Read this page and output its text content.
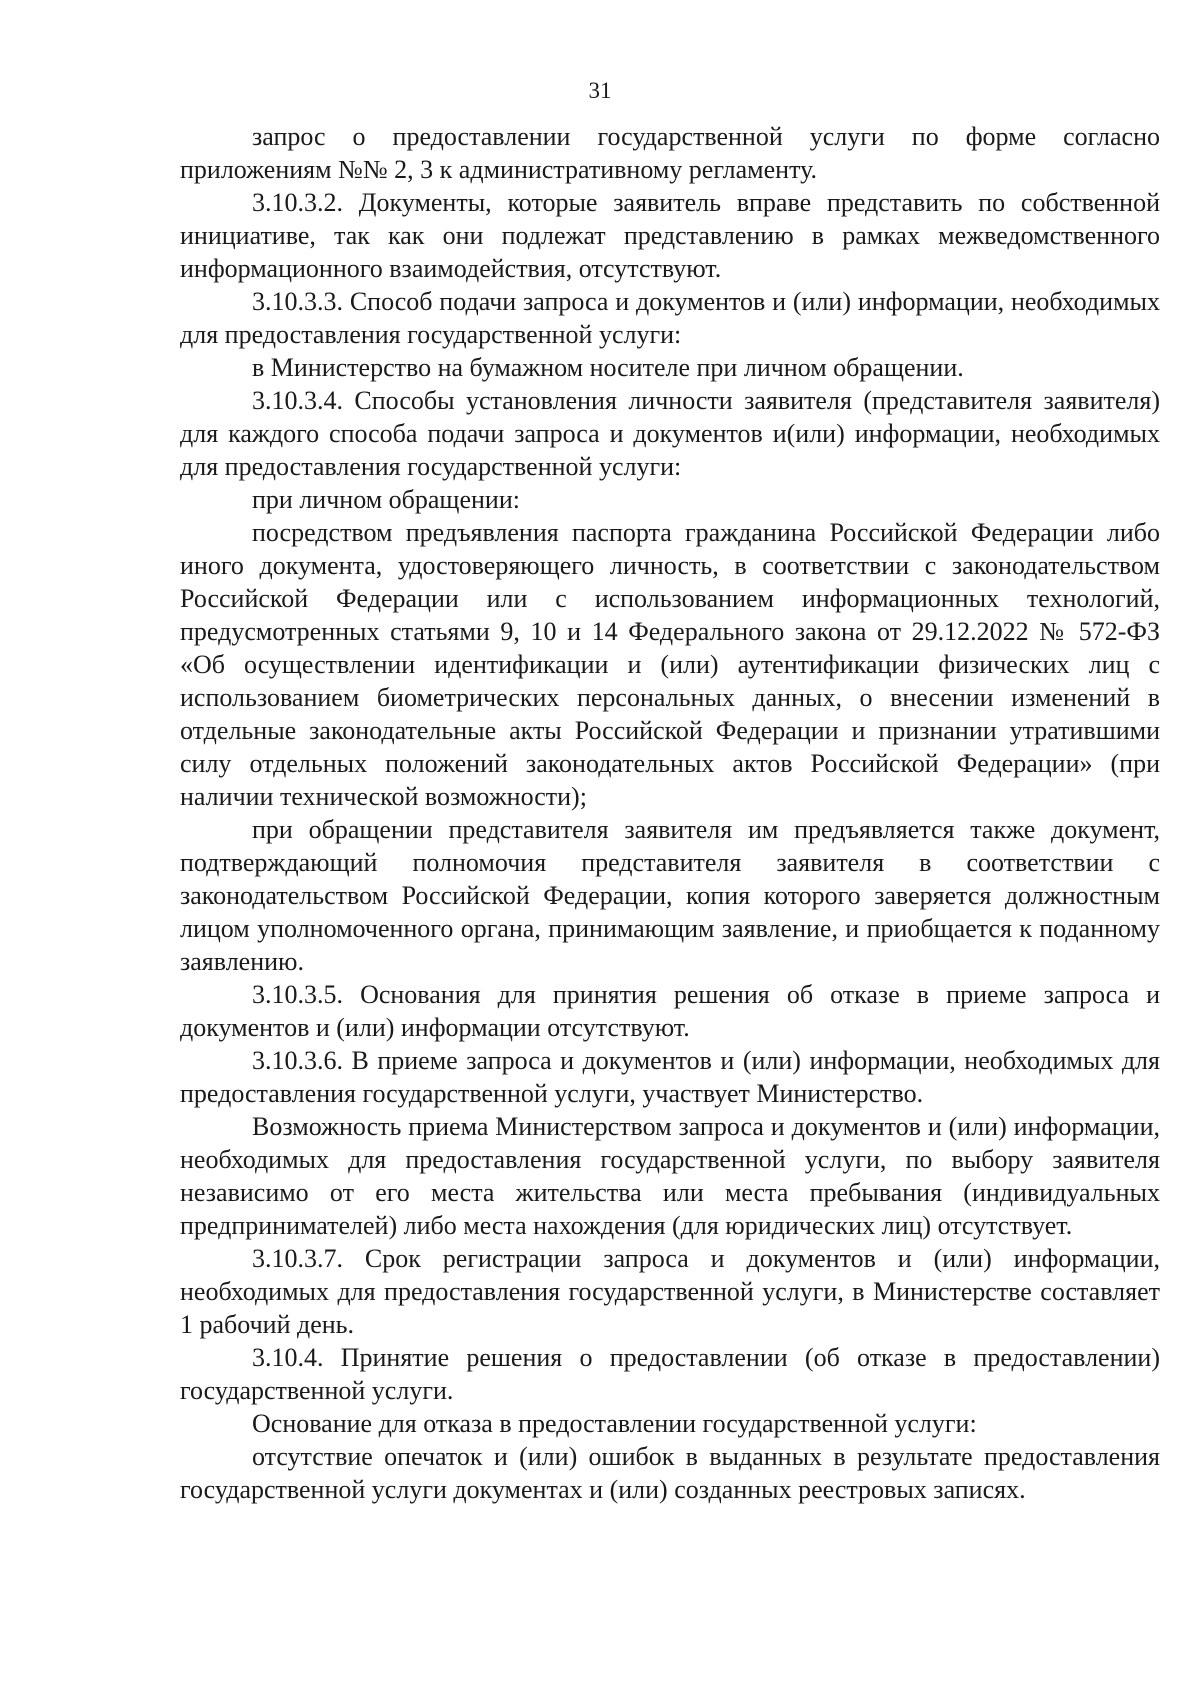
31

запрос о предоставлении государственной услуги по форме согласно приложениям №№ 2, 3 к административному регламенту.

3.10.3.2. Документы, которые заявитель вправе представить по собственной инициативе, так как они подлежат представлению в рамках межведомственного информационного взаимодействия, отсутствуют.

3.10.3.3. Способ подачи запроса и документов и (или) информации, необходимых для предоставления государственной услуги:

в Министерство на бумажном носителе при личном обращении.

3.10.3.4. Способы установления личности заявителя (представителя заявителя) для каждого способа подачи запроса и документов и(или) информации, необходимых для предоставления государственной услуги:

при личном обращении:

посредством предъявления паспорта гражданина Российской Федерации либо иного документа, удостоверяющего личность, в соответствии с законодательством Российской Федерации или с использованием информационных технологий, предусмотренных статьями 9, 10 и 14 Федерального закона от 29.12.2022 № 572-ФЗ «Об осуществлении идентификации и (или) аутентификации физических лиц с использованием биометрических персональных данных, о внесении изменений в отдельные законодательные акты Российской Федерации и признании утратившими силу отдельных положений законодательных актов Российской Федерации» (при наличии технической возможности);

при обращении представителя заявителя им предъявляется также документ, подтверждающий полномочия представителя заявителя в соответствии с законодательством Российской Федерации, копия которого заверяется должностным лицом уполномоченного органа, принимающим заявление, и приобщается к поданному заявлению.

3.10.3.5. Основания для принятия решения об отказе в приеме запроса и документов и (или) информации отсутствуют.

3.10.3.6. В приеме запроса и документов и (или) информации, необходимых для предоставления государственной услуги, участвует Министерство.

Возможность приема Министерством запроса и документов и (или) информации, необходимых для предоставления государственной услуги, по выбору заявителя независимо от его места жительства или места пребывания (индивидуальных предпринимателей) либо места нахождения (для юридических лиц) отсутствует.

3.10.3.7. Срок регистрации запроса и документов и (или) информации, необходимых для предоставления государственной услуги, в Министерстве составляет 1 рабочий день.

3.10.4. Принятие решения о предоставлении (об отказе в предоставлении) государственной услуги.

Основание для отказа в предоставлении государственной услуги:

отсутствие опечаток и (или) ошибок в выданных в результате предоставления государственной услуги документах и (или) созданных реестровых записях.
